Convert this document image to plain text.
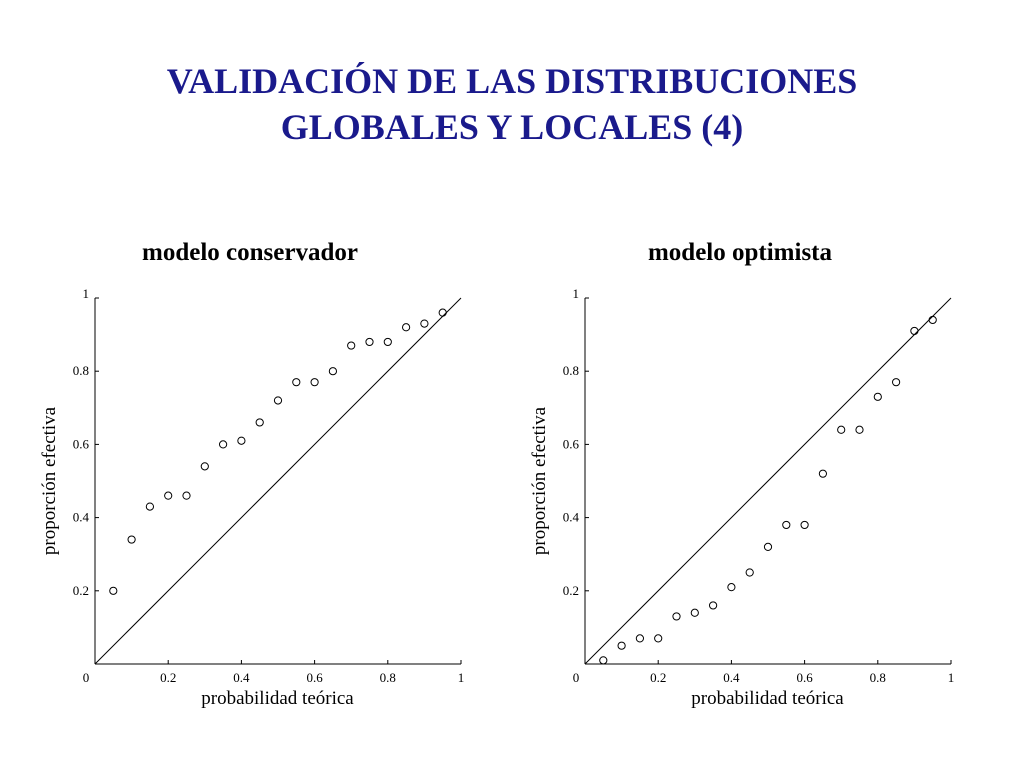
VALIDACIÓN DE LAS DISTRIBUCIONES
GLOBALES Y LOCALES (4)
modelo conservador
0	0.2	0.4	0.6	0.8	1
0.2
0.4
0.6
0.8
1
proporción efectiva
probabilidad teórica
modelo optimista
0	0.2	0.4	0.6	0.8	1
0.2
0.4
0.6
0.8
1
proporción efectiva
probabilidad teórica
